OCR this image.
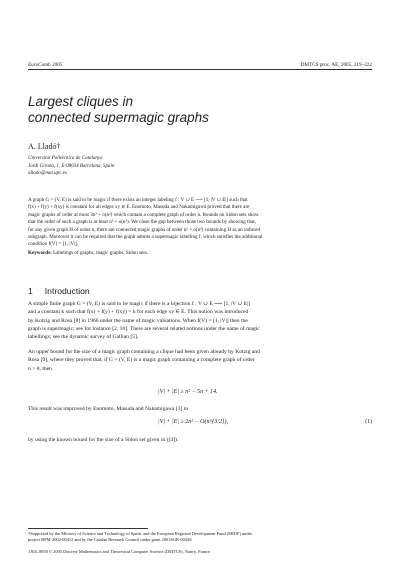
EuroComb 2005	DMTCS proc. AE, 2005, 219–222
Largest cliques in
connected supermagic graphs
A. Lladó†
Universitat Politècnica de Catalunya
Jordi Girona, 1, E-08034 Barcelona, Spain
allado@mat.upc.es
A graph G = (V, E) is said to be magic if there exists an integer labeling f : V ∪ E ⟶ [1, |V ∪ E|] such that
f(x) + f(y) + f(xy) is constant for all edges xy ∈ E. Enomoto, Masuda and Nakamigawa proved that there are
magic graphs of order at most 3n² + o(n²) which contain a complete graph of order n. Bounds on Sidon sets show
that the order of such a graph is at least n² + o(n²). We close the gap between those two bounds by showing that,
for any given graph H of order n, there are connected magic graphs of order n² + o(n²) containing H as an induced
subgraph. Moreover it can be required that the graph admits a supermagic labelling f, which satisfies the additional
condition f(V) = [1, |V|].
Keywords: Labelings of graphs, magic graphs, Sidon sets.
1 Introduction
A simple finite graph G = (V, E) is said to be magic if there is a bijection f : V ∪ E ⟶ [1, |V ∪ E|]
and a constant k such that f(x) + f(y) + f(xy) = k for each edge xy ∈ E. This notion was introduced
by Kotzig and Rosa [8] in 1966 under the name of magic valuations. When f(V) = [1, |V|] then the
graph is supermagic; see for instance [2, 10]. There are several related notions under the name of magic
labellings; see the dynamic survey of Gallian [5].
An upper bound for the size of a magic graph containing a clique had been given already by Kotzig and
Rosa [9], where they proved that, if G = (V, E) is a magic graph containing a complete graph of order
n > 8, then
|V| + |E| ≥ n² − 5n + 14.
This result was improved by Enomoto, Masuda and Nakamigawa [3] to
|V| + |E| ≥ 2n² − O(n^{3/2}),	(1)
by using the known bound for the size of a Sidon set given in ([4]).
†Supported by the Ministry of Science and Technology of Spain, and the European Regional Development Fund (ERDF) under
project BFM-2002-00412 and by the Catalan Research Council under grant 2001SGR-00258.
1365–8050 © 2005 Discrete Mathematics and Theoretical Computer Science (DMTCS), Nancy, France
